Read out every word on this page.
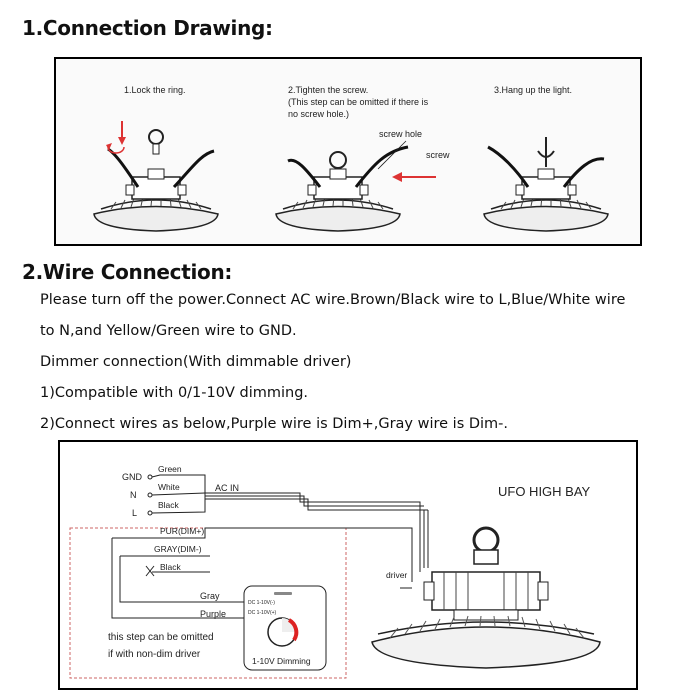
1.Connection Drawing:
1.Lock the ring.	2.Tighten the screw.
(This step can be omitted if there is
no screw hole.)
screw hole
screw
3.Hang up the light.
2.Wire Connection:
Please turn off the power.Connect AC wire.Brown/Black wire to L,Blue/White wire
to N,and Yellow/Green wire to GND.
Dimmer connection(With dimmable driver)
1)Compatible with 0/1-10V dimming.
2)Connect wires as below,Purple wire is Dim+,Gray wire is Dim-.
GND
N
L
Green
White
Black
AC IN	UFO HIGH BAY
PUR(DIM+)
GRAY(DIM-)
Black
Gray
Purple
this step can be omitted
if with non-dim driver
DC 1-10V(-)
DC 1-10V(+)
1-10V Dimming
driver
